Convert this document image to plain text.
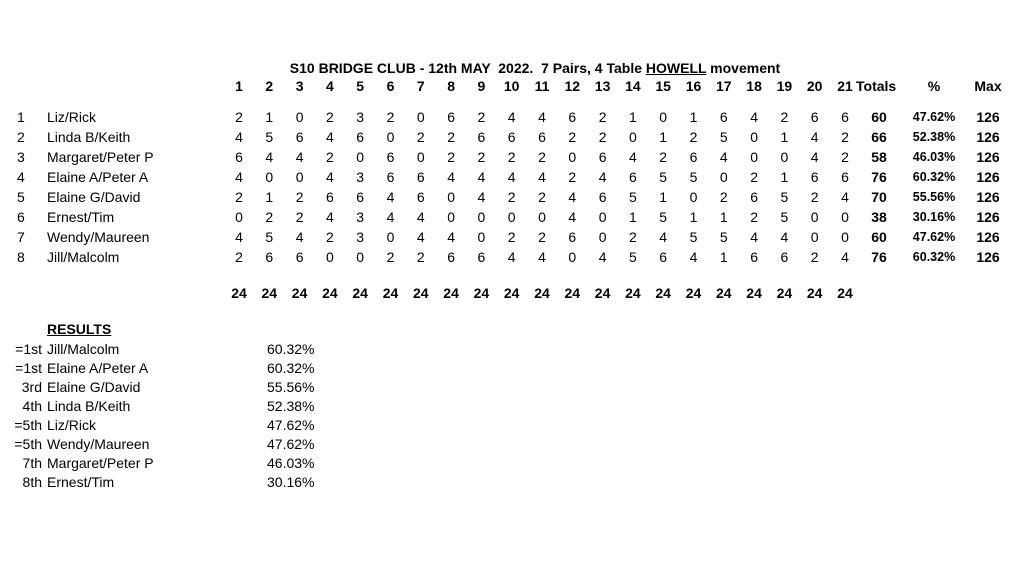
S10 BRIDGE CLUB - 12th MAY  2022.  7 Pairs, 4 Table HOWELL movement
1 2 3 4 5 6 7 8 9 10 11 12 13 14 15 16 17 18 19 20 21 Totals % Max
1 Liz/Rick	2 1 0 2 3 2 0 6 2 4 4 6 2 1 0 1 6 4 2 6 6 60 47.62% 126
2 Linda B/Keith	4 5 6 4 6 0 2 2 6 6 6 2 2 0 1 2 5 0 1 4 2 66 52.38% 126
3 Margaret/Peter P	6 4 4 2 0 6 0 2 2 2 2 0 6 4 2 6 4 0 0 4 2 58 46.03% 126
4 Elaine A/Peter A	4 0 0 4 3 6 6 4 4 4 4 2 4 6 5 5 0 2 1 6 6 76 60.32% 126
5 Elaine G/David	2 1 2 6 6 4 6 0 4 2 2 4 6 5 1 0 2 6 5 2 4 70 55.56% 126
6 Ernest/Tim	0 2 2 4 3 4 4 0 0 0 0 4 0 1 5 1 1 2 5 0 0 38 30.16% 126
7 Wendy/Maureen	4 5 4 2 3 0 4 4 0 2 2 6 0 2 4 5 5 4 4 0 0 60 47.62% 126
8 Jill/Malcolm	2 6 6 0 0 2 2 6 6 4 4 0 4 5 6 4 1 6 6 2 4 76 60.32% 126
24 24 24 24 24 24 24 24 24 24 24 24 24 24 24 24 24 24 24 24 24
RESULTS
=1st Jill/Malcolm	60.32%
=1st Elaine A/Peter A	60.32%
3rd Elaine G/David	55.56%
4th Linda B/Keith	52.38%
=5th Liz/Rick	47.62%
=5th Wendy/Maureen	47.62%
7th Margaret/Peter P	46.03%
8th Ernest/Tim	30.16%
